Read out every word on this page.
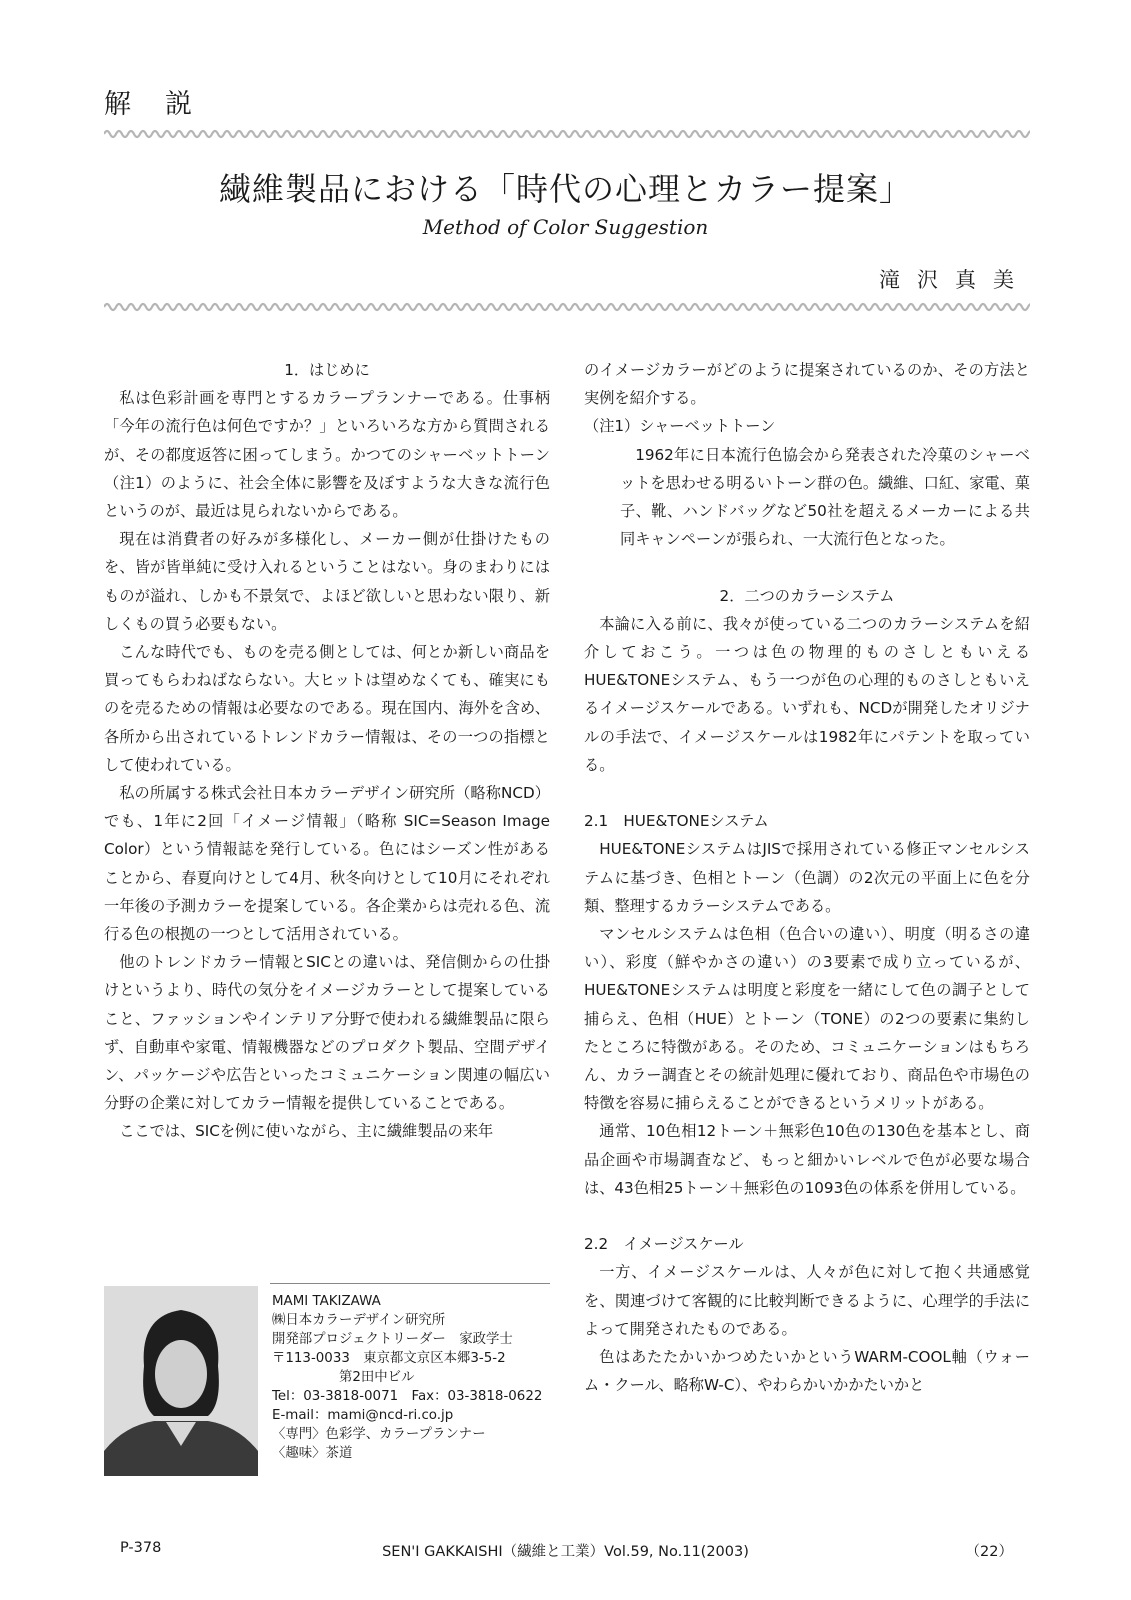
解説
繊維製品における「時代の心理とカラー提案」
Method of Color Suggestion
滝沢真美
1．はじめに

私は色彩計画を専門とするカラープランナーである。仕事柄「今年の流行色は何色ですか？」といろいろな方から質問されるが、その都度返答に困ってしまう。かつてのシャーベットトーン（注1）のように、社会全体に影響を及ぼすような大きな流行色というのが、最近は見られないからである。

現在は消費者の好みが多様化し、メーカー側が仕掛けたものを、皆が皆単純に受け入れるということはない。身のまわりにはものが溢れ、しかも不景気で、よほど欲しいと思わない限り、新しくもの買う必要もない。

こんな時代でも、ものを売る側としては、何とか新しい商品を買ってもらわねばならない。大ヒットは望めなくても、確実にものを売るための情報は必要なのである。現在国内、海外を含め、各所から出されているトレンドカラー情報は、その一つの指標として使われている。

私の所属する株式会社日本カラーデザイン研究所（略称NCD）でも、1年に2回「イメージ情報」（略称 SIC=Season Image Color）という情報誌を発行している。色にはシーズン性があることから、春夏向けとして4月、秋冬向けとして10月にそれぞれ一年後の予測カラーを提案している。各企業からは売れる色、流行る色の根拠の一つとして活用されている。

他のトレンドカラー情報とSICとの違いは、発信側からの仕掛けというより、時代の気分をイメージカラーとして提案していること、ファッションやインテリア分野で使われる繊維製品に限らず、自動車や家電、情報機器などのプロダクト製品、空間デザイン、パッケージや広告といったコミュニケーション関連の幅広い分野の企業に対してカラー情報を提供していることである。

ここでは、SICを例に使いながら、主に繊維製品の来年

のイメージカラーがどのように提案されているのか、その方法と実例を紹介する。

（注1）シャーベットトーン

1962年に日本流行色協会から発表された冷菓のシャーベットを思わせる明るいトーン群の色。繊維、口紅、家電、菓子、靴、ハンドバッグなど50社を超えるメーカーによる共同キャンペーンが張られ、一大流行色となった。

2．二つのカラーシステム

本論に入る前に、我々が使っている二つのカラーシステムを紹介しておこう。一つは色の物理的ものさしともいえるHUE&TONEシステム、もう一つが色の心理的ものさしともいえるイメージスケールである。いずれも、NCDが開発したオリジナルの手法で、イメージスケールは1982年にパテントを取っている。

2.1　HUE&TONEシステム

HUE&TONEシステムはJISで採用されている修正マンセルシステムに基づき、色相とトーン（色調）の2次元の平面上に色を分類、整理するカラーシステムである。

マンセルシステムは色相（色合いの違い）、明度（明るさの違い）、彩度（鮮やかさの違い）の3要素で成り立っているが、HUE&TONEシステムは明度と彩度を一緒にして色の調子として捕らえ、色相（HUE）とトーン（TONE）の2つの要素に集約したところに特徴がある。そのため、コミュニケーションはもちろん、カラー調査とその統計処理に優れており、商品色や市場色の特徴を容易に捕らえることができるというメリットがある。

通常、10色相12トーン＋無彩色10色の130色を基本とし、商品企画や市場調査など、もっと細かいレベルで色が必要な場合は、43色相25トーン＋無彩色の1093色の体系を併用している。

2.2　イメージスケール

一方、イメージスケールは、人々が色に対して抱く共通感覚を、関連づけて客観的に比較判断できるように、心理学的手法によって開発されたものである。

色はあたたかいかつめたいかというWARM-COOL軸（ウォーム・クール、略称W-C）、やわらかいかかたいかと

MAMI TAKIZAWA
㈱日本カラーデザイン研究所
開発部プロジェクトリーダー　家政学士
〒113-0033　東京都文京区本郷3-5-2
　　　　　第2田中ビル
Tel：03-3818-0071　Fax：03-3818-0622
E-mail：mami@ncd-ri.co.jp
〈専門〉色彩学、カラープランナー
〈趣味〉茶道
SEN'I GAKKAISHI（繊維と工業）Vol.59, No.11(2003)
P-378	（22）
